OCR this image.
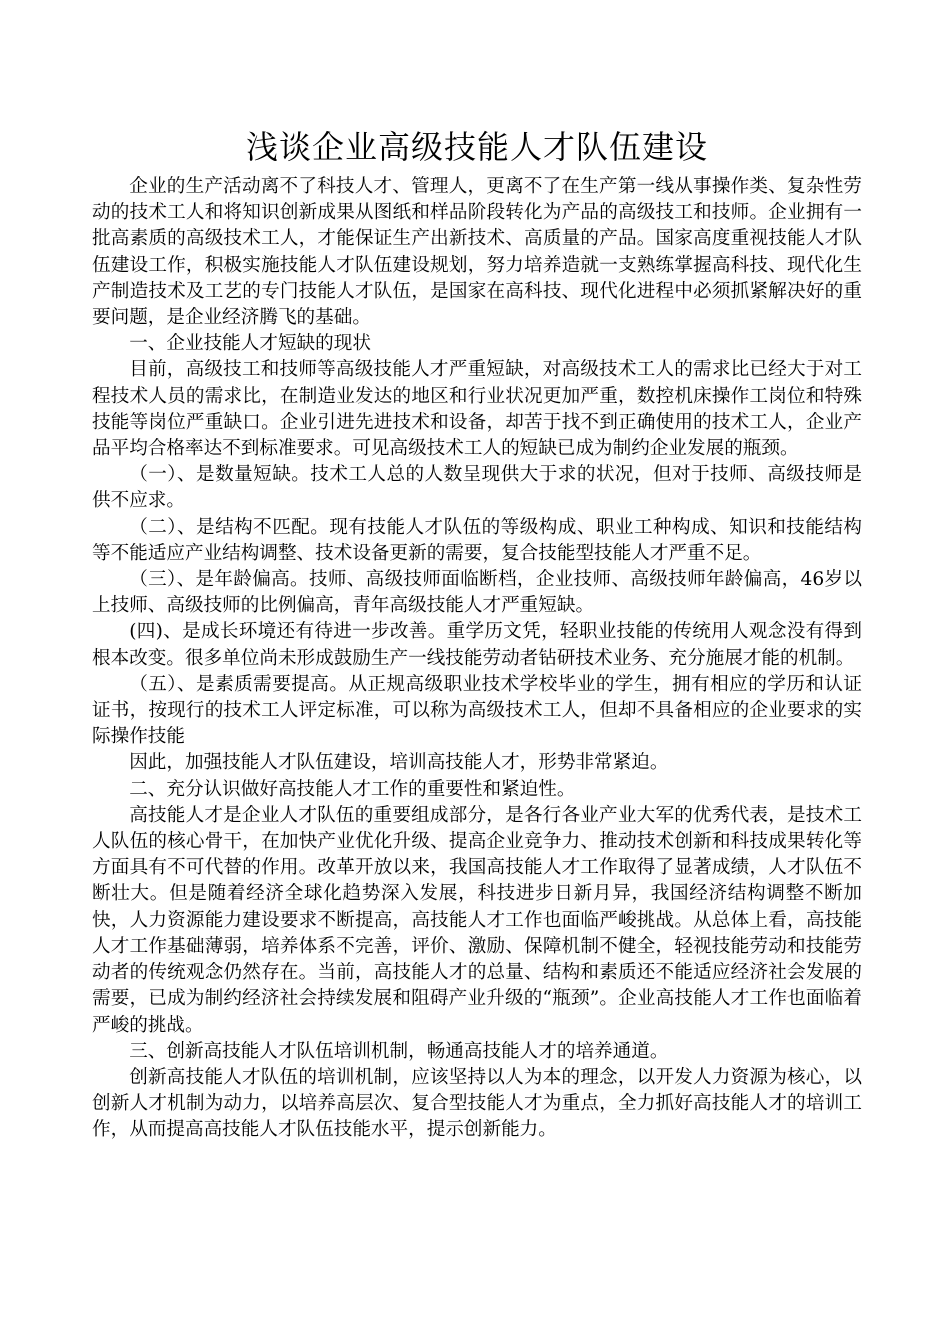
浅谈企业高级技能人才队伍建设

企业的生产活动离不了科技人才、管理人，更离不了在生产第一线从事操作类、复杂性劳动的技术工人和将知识创新成果从图纸和样品阶段转化为产品的高级技工和技师。企业拥有一批高素质的高级技术工人，才能保证生产出新技术、高质量的产品。国家高度重视技能人才队伍建设工作，积极实施技能人才队伍建设规划，努力培养造就一支熟练掌握高科技、现代化生产制造技术及工艺的专门技能人才队伍，是国家在高科技、现代化进程中必须抓紧解决好的重要问题，是企业经济腾飞的基础。

一、企业技能人才短缺的现状

目前，高级技工和技师等高级技能人才严重短缺，对高级技术工人的需求比已经大于对工程技术人员的需求比，在制造业发达的地区和行业状况更加严重，数控机床操作工岗位和特殊技能等岗位严重缺口。企业引进先进技术和设备，却苦于找不到正确使用的技术工人，企业产品平均合格率达不到标准要求。可见高级技术工人的短缺已成为制约企业发展的瓶颈。

（一）、是数量短缺。技术工人总的人数呈现供大于求的状况，但对于技师、高级技师是供不应求。

（二）、是结构不匹配。现有技能人才队伍的等级构成、职业工种构成、知识和技能结构等不能适应产业结构调整、技术设备更新的需要，复合技能型技能人才严重不足。

（三）、是年龄偏高。技师、高级技师面临断档，企业技师、高级技师年龄偏高，46岁以上技师、高级技师的比例偏高，青年高级技能人才严重短缺。

(四)、是成长环境还有待进一步改善。重学历文凭，轻职业技能的传统用人观念没有得到根本改变。很多单位尚未形成鼓励生产一线技能劳动者钻研技术业务、充分施展才能的机制。

（五）、是素质需要提高。从正规高级职业技术学校毕业的学生，拥有相应的学历和认证证书，按现行的技术工人评定标准，可以称为高级技术工人，但却不具备相应的企业要求的实际操作技能

因此，加强技能人才队伍建设，培训高技能人才，形势非常紧迫。

二、充分认识做好高技能人才工作的重要性和紧迫性。

高技能人才是企业人才队伍的重要组成部分，是各行各业产业大军的优秀代表，是技术工人队伍的核心骨干，在加快产业优化升级、提高企业竞争力、推动技术创新和科技成果转化等方面具有不可代替的作用。改革开放以来，我国高技能人才工作取得了显著成绩，人才队伍不断壮大。但是随着经济全球化趋势深入发展，科技进步日新月异，我国经济结构调整不断加快，人力资源能力建设要求不断提高，高技能人才工作也面临严峻挑战。从总体上看，高技能人才工作基础薄弱，培养体系不完善，评价、激励、保障机制不健全，轻视技能劳动和技能劳动者的传统观念仍然存在。当前，高技能人才的总量、结构和素质还不能适应经济社会发展的需要，已成为制约经济社会持续发展和阻碍产业升级的“瓶颈”。企业高技能人才工作也面临着严峻的挑战。

三、创新高技能人才队伍培训机制，畅通高技能人才的培养通道。

创新高技能人才队伍的培训机制，应该坚持以人为本的理念，以开发人力资源为核心，以创新人才机制为动力，以培养高层次、复合型技能人才为重点，全力抓好高技能人才的培训工作，从而提高高技能人才队伍技能水平，提示创新能力。
